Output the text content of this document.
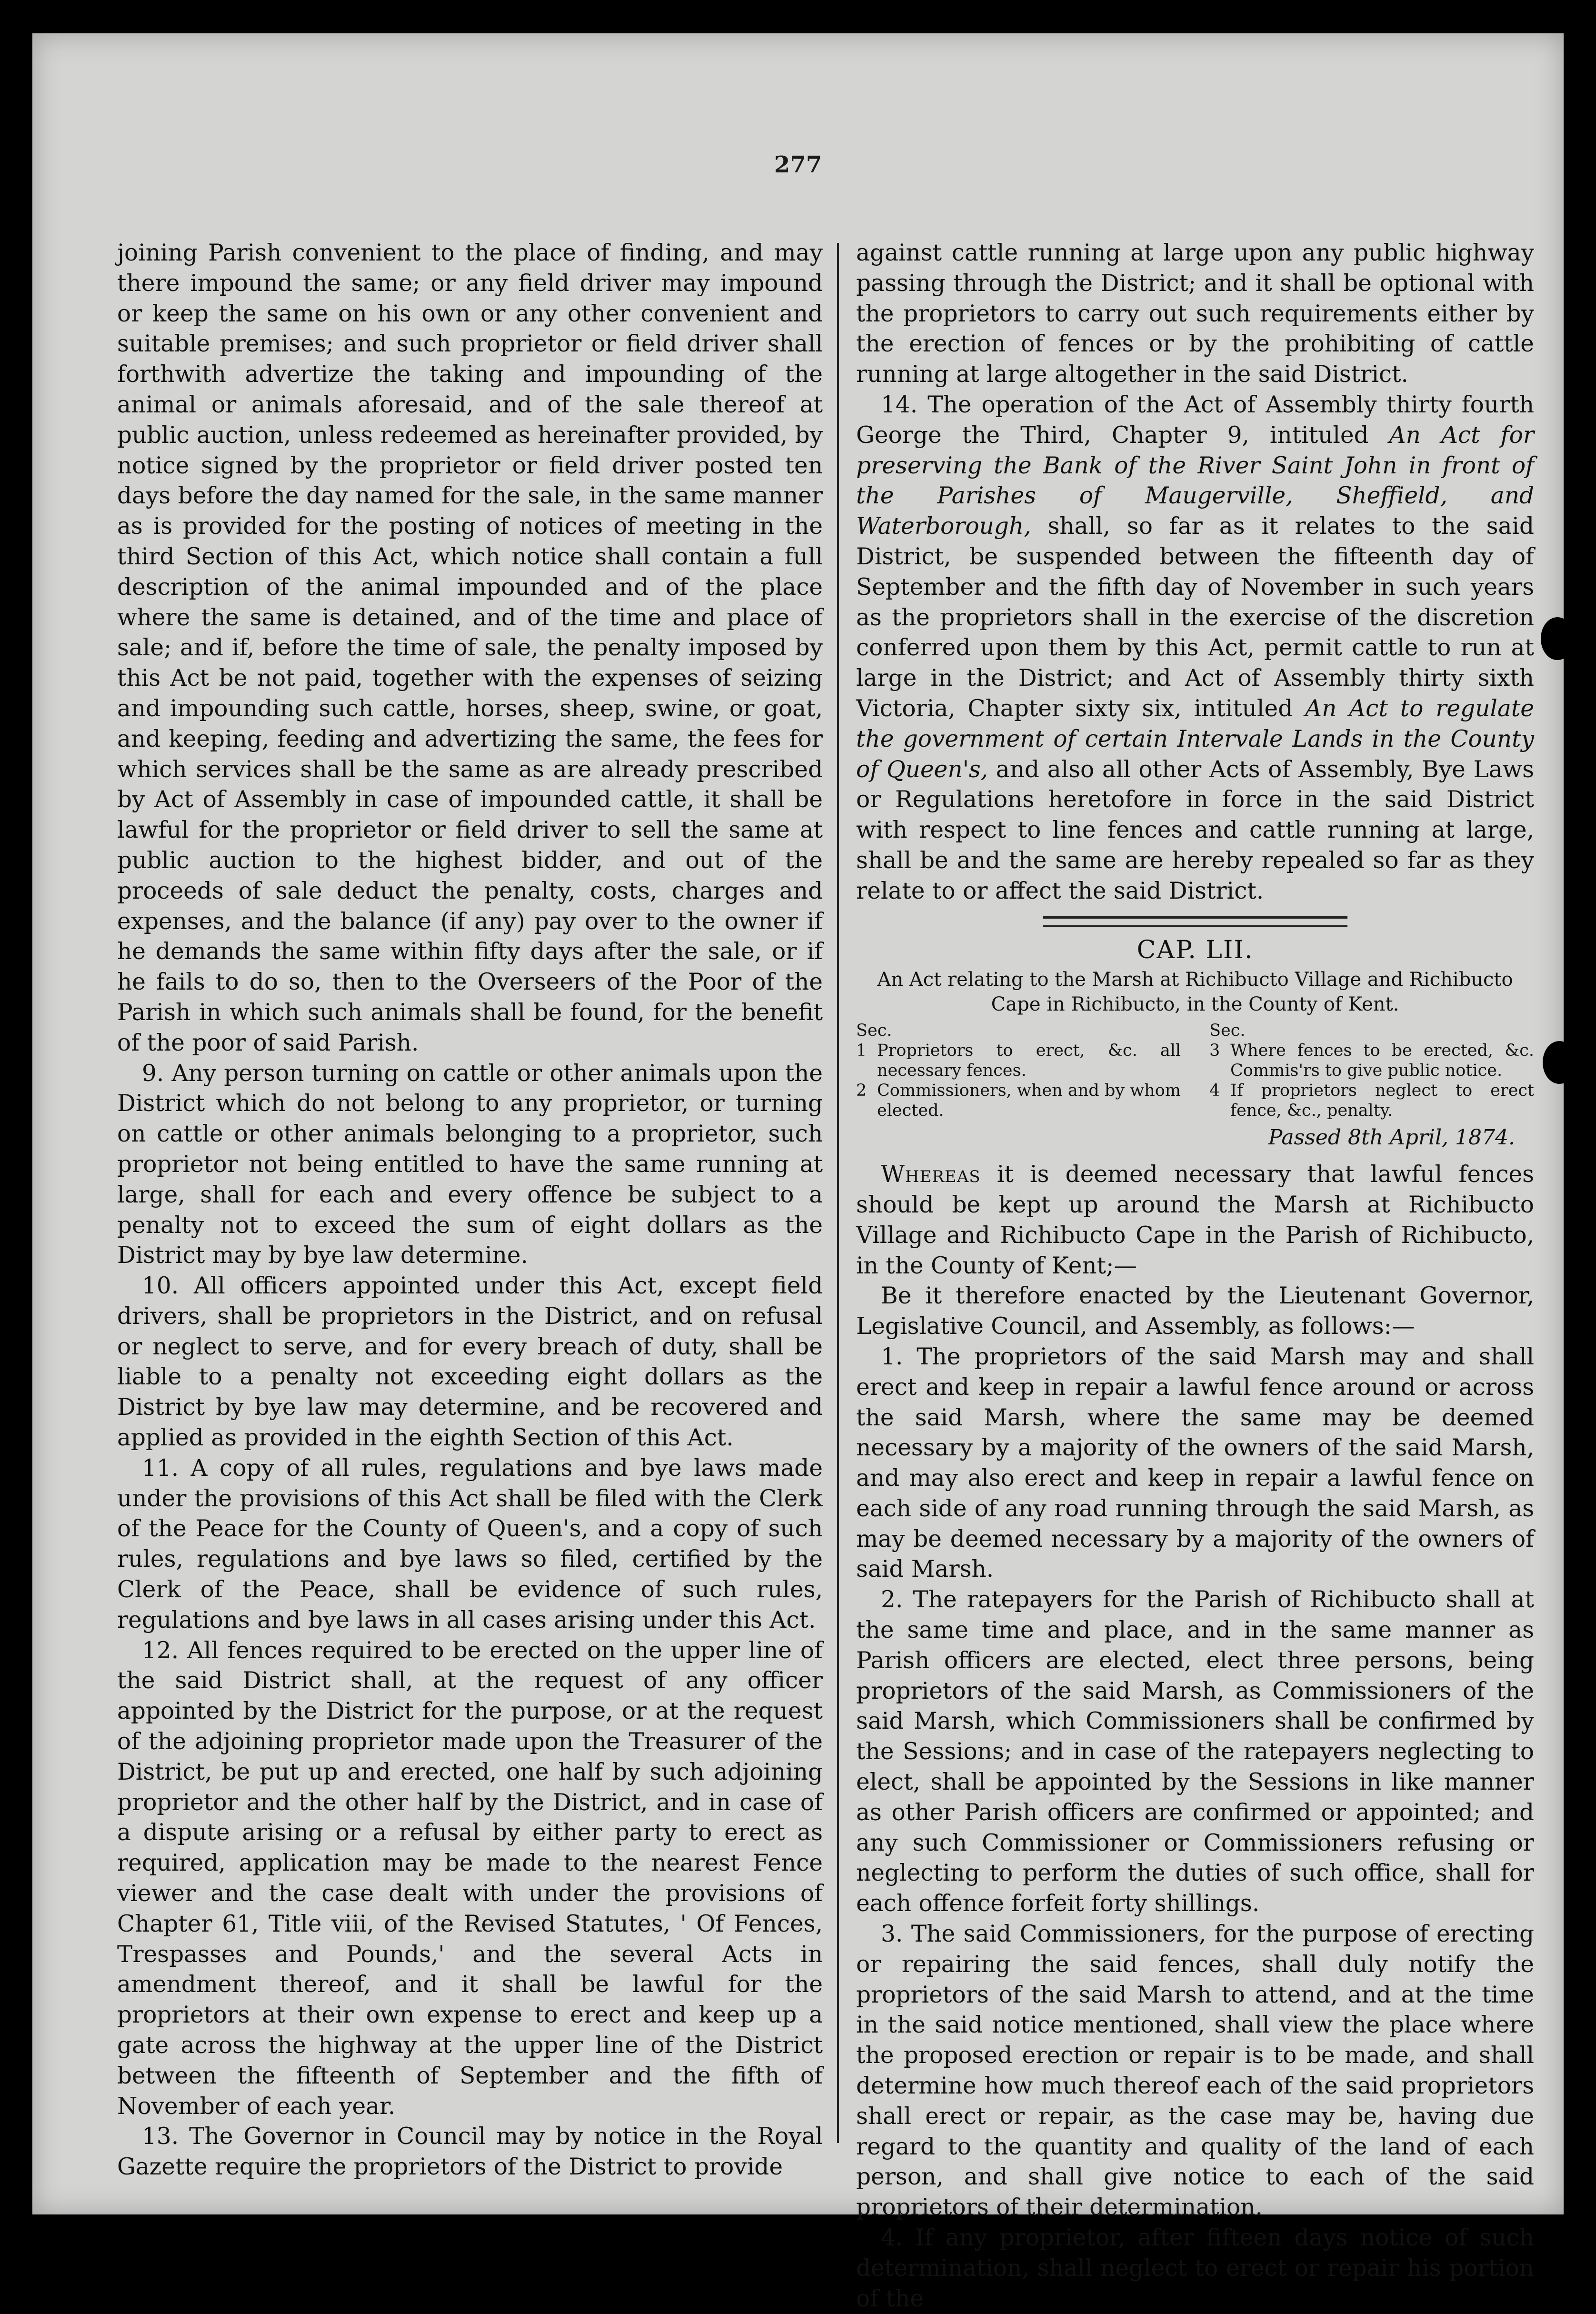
277

joining Parish convenient to the place of finding, and may there impound the same; or any field driver may impound or keep the same on his own or any other convenient and suitable premises; and such proprietor or field driver shall forthwith advertize the taking and impounding of the animal or animals aforesaid, and of the sale thereof at public auction, unless redeemed as hereinafter provided, by notice signed by the proprietor or field driver posted ten days before the day named for the sale, in the same manner as is provided for the posting of notices of meeting in the third Section of this Act, which notice shall contain a full description of the animal impounded and of the place where the same is detained, and of the time and place of sale; and if, before the time of sale, the penalty imposed by this Act be not paid, together with the expenses of seizing and impounding such cattle, horses, sheep, swine, or goat, and keeping, feeding and advertizing the same, the fees for which services shall be the same as are already prescribed by Act of Assembly in case of impounded cattle, it shall be lawful for the proprietor or field driver to sell the same at public auction to the highest bidder, and out of the proceeds of sale deduct the penalty, costs, charges and expenses, and the balance (if any) pay over to the owner if he demands the same within fifty days after the sale, or if he fails to do so, then to the Overseers of the Poor of the Parish in which such animals shall be found, for the benefit of the poor of said Parish.

9. Any person turning on cattle or other animals upon the District which do not belong to any proprietor, or turning on cattle or other animals belonging to a proprietor, such proprietor not being entitled to have the same running at large, shall for each and every offence be subject to a penalty not to exceed the sum of eight dollars as the District may by bye law determine.

10. All officers appointed under this Act, except field drivers, shall be proprietors in the District, and on refusal or neglect to serve, and for every breach of duty, shall be liable to a penalty not exceeding eight dollars as the District by bye law may determine, and be recovered and applied as provided in the eighth Section of this Act.

11. A copy of all rules, regulations and bye laws made under the provisions of this Act shall be filed with the Clerk of the Peace for the County of Queen's, and a copy of such rules, regulations and bye laws so filed, certified by the Clerk of the Peace, shall be evidence of such rules, regulations and bye laws in all cases arising under this Act.

12. All fences required to be erected on the upper line of the said District shall, at the request of any officer appointed by the District for the purpose, or at the request of the adjoining proprietor made upon the Treasurer of the District, be put up and erected, one half by such adjoining proprietor and the other half by the District, and in case of a dispute arising or a refusal by either party to erect as required, application may be made to the nearest Fence viewer and the case dealt with under the provisions of Chapter 61, Title viii, of the Revised Statutes, ' Of Fences, Trespasses and Pounds,' and the several Acts in amendment thereof, and it shall be lawful for the proprietors at their own expense to erect and keep up a gate across the highway at the upper line of the District between the fifteenth of September and the fifth of November of each year.

13. The Governor in Council may by notice in the Royal Gazette require the proprietors of the District to provide

against cattle running at large upon any public highway passing through the District; and it shall be optional with the proprietors to carry out such requirements either by the erection of fences or by the prohibiting of cattle running at large altogether in the said District.

14. The operation of the Act of Assembly thirty fourth George the Third, Chapter 9, intituled An Act for preserving the Bank of the River Saint John in front of the Parishes of Maugerville, Sheffield, and Waterborough, shall, so far as it relates to the said District, be suspended between the fifteenth day of September and the fifth day of November in such years as the proprietors shall in the exercise of the discretion conferred upon them by this Act, permit cattle to run at large in the District; and Act of Assembly thirty sixth Victoria, Chapter sixty six, intituled An Act to regulate the government of certain Intervale Lands in the County of Queen's, and also all other Acts of Assembly, Bye Laws or Regulations heretofore in force in the said District with respect to line fences and cattle running at large, shall be and the same are hereby repealed so far as they relate to or affect the said District.

CAP. LII.
An Act relating to the Marsh at Richibucto Village and Richibucto Cape in Richibucto, in the County of Kent.
Sec.
1 Proprietors to erect, &c. all necessary fences.
2 Commissioners, when and by whom elected.
Sec.
3 Where fences to be erected, &c. Commis'rs to give public notice.
4 If proprietors neglect to erect fence, &c., penalty.
Passed 8th April, 1874.

Whereas it is deemed necessary that lawful fences should be kept up around the Marsh at Richibucto Village and Richibucto Cape in the Parish of Richibucto, in the County of Kent;—

Be it therefore enacted by the Lieutenant Governor, Legislative Council, and Assembly, as follows:—

1. The proprietors of the said Marsh may and shall erect and keep in repair a lawful fence around or across the said Marsh, where the same may be deemed necessary by a majority of the owners of the said Marsh, and may also erect and keep in repair a lawful fence on each side of any road running through the said Marsh, as may be deemed necessary by a majority of the owners of said Marsh.

2. The ratepayers for the Parish of Richibucto shall at the same time and place, and in the same manner as Parish officers are elected, elect three persons, being proprietors of the said Marsh, as Commissioners of the said Marsh, which Commissioners shall be confirmed by the Sessions; and in case of the ratepayers neglecting to elect, shall be appointed by the Sessions in like manner as other Parish officers are confirmed or appointed; and any such Commissioner or Commissioners refusing or neglecting to perform the duties of such office, shall for each offence forfeit forty shillings.

3. The said Commissioners, for the purpose of erecting or repairing the said fences, shall duly notify the proprietors of the said Marsh to attend, and at the time in the said notice mentioned, shall view the place where the proposed erection or repair is to be made, and shall determine how much thereof each of the said proprietors shall erect or repair, as the case may be, having due regard to the quantity and quality of the land of each person, and shall give notice to each of the said proprietors of their determination.

4. If any proprietor, after fifteen days notice of such determination, shall neglect to erect or repair his portion of the
